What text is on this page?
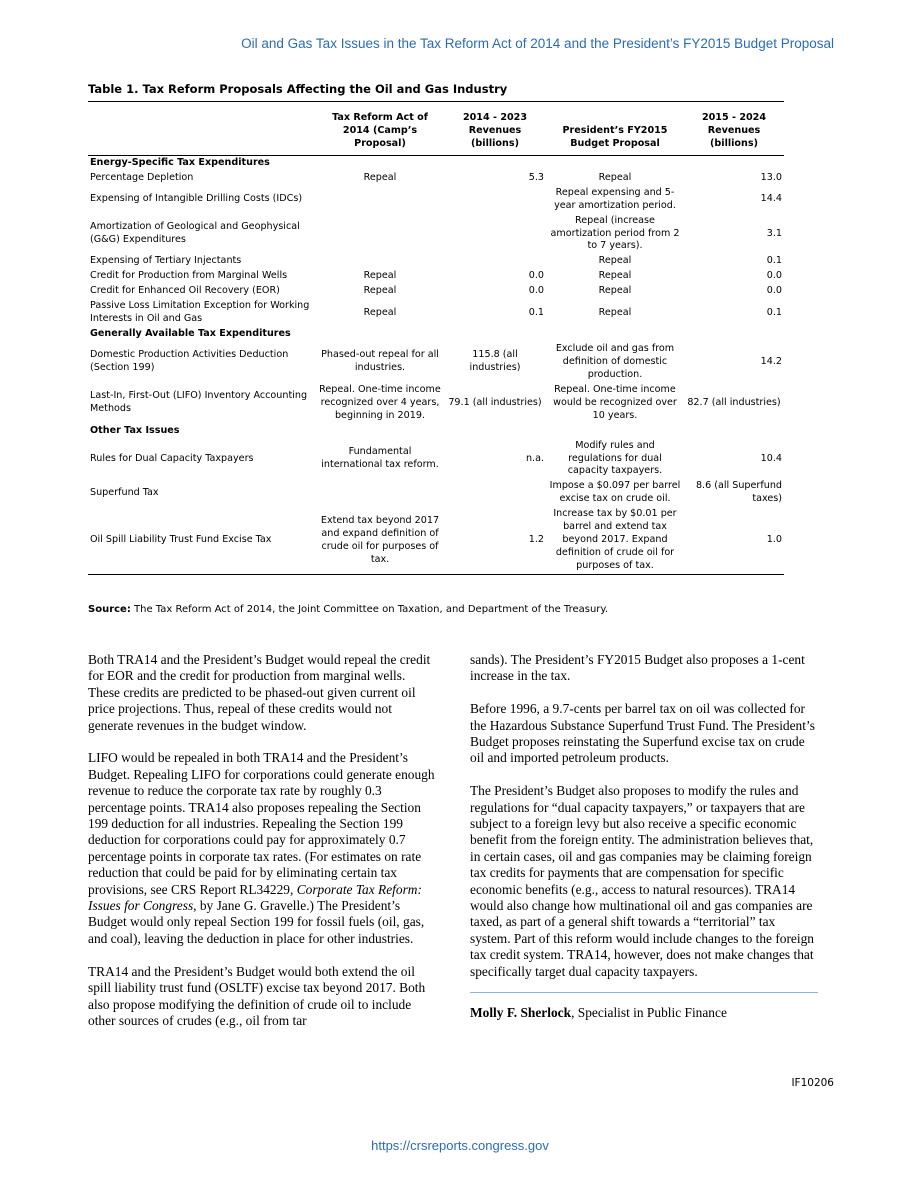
Oil and Gas Tax Issues in the Tax Reform Act of 2014 and the President’s FY2015 Budget Proposal
Table 1. Tax Reform Proposals Affecting the Oil and Gas Industry
	Tax Reform Act of 2014 (Camp’s Proposal)	2014 - 2023 Revenues (billions)	President’s FY2015 Budget Proposal	2015 - 2024 Revenues (billions)
Energy-Specific Tax Expenditures				
Percentage Depletion	Repeal	5.3	Repeal	13.0
Expensing of Intangible Drilling Costs (IDCs)			Repeal expensing and 5-year amortization period.	14.4
Amortization of Geological and Geophysical (G&G) Expenditures			Repeal (increase amortization period from 2 to 7 years).	3.1
Expensing of Tertiary Injectants			Repeal	0.1
Credit for Production from Marginal Wells	Repeal	0.0	Repeal	0.0
Credit for Enhanced Oil Recovery (EOR)	Repeal	0.0	Repeal	0.0
Passive Loss Limitation Exception for Working Interests in Oil and Gas	Repeal	0.1	Repeal	0.1
Generally Available Tax Expenditures				
Domestic Production Activities Deduction (Section 199)	Phased-out repeal for all industries.	115.8 (all industries)	Exclude oil and gas from definition of domestic production.	14.2
Last-In, First-Out (LIFO) Inventory Accounting Methods	Repeal. One-time income recognized over 4 years, beginning in 2019.	79.1 (all industries)	Repeal. One-time income would be recognized over 10 years.	82.7 (all industries)
Other Tax Issues				
Rules for Dual Capacity Taxpayers	Fundamental international tax reform.	n.a.	Modify rules and regulations for dual capacity taxpayers.	10.4
Superfund Tax			Impose a $0.097 per barrel excise tax on crude oil.	8.6 (all Superfund taxes)
Oil Spill Liability Trust Fund Excise Tax	Extend tax beyond 2017 and expand definition of crude oil for purposes of tax.	1.2	Increase tax by $0.01 per barrel and extend tax beyond 2017. Expand definition of crude oil for purposes of tax.	1.0
Source: The Tax Reform Act of 2014, the Joint Committee on Taxation, and Department of the Treasury.

Both TRA14 and the President’s Budget would repeal the credit for EOR and the credit for production from marginal wells. These credits are predicted to be phased-out given current oil price projections. Thus, repeal of these credits would not generate revenues in the budget window.

LIFO would be repealed in both TRA14 and the President’s Budget. Repealing LIFO for corporations could generate enough revenue to reduce the corporate tax rate by roughly 0.3 percentage points. TRA14 also proposes repealing the Section 199 deduction for all industries. Repealing the Section 199 deduction for corporations could pay for approximately 0.7 percentage points in corporate tax rates. (For estimates on rate reduction that could be paid for by eliminating certain tax provisions, see CRS Report RL34229, Corporate Tax Reform: Issues for Congress, by Jane G. Gravelle.) The President’s Budget would only repeal Section 199 for fossil fuels (oil, gas, and coal), leaving the deduction in place for other industries.

TRA14 and the President’s Budget would both extend the oil spill liability trust fund (OSLTF) excise tax beyond 2017. Both also propose modifying the definition of crude oil to include other sources of crudes (e.g., oil from tar

sands). The President’s FY2015 Budget also proposes a 1-cent increase in the tax.

Before 1996, a 9.7-cents per barrel tax on oil was collected for the Hazardous Substance Superfund Trust Fund. The President’s Budget proposes reinstating the Superfund excise tax on crude oil and imported petroleum products.

The President’s Budget also proposes to modify the rules and regulations for “dual capacity taxpayers,” or taxpayers that are subject to a foreign levy but also receive a specific economic benefit from the foreign entity. The administration believes that, in certain cases, oil and gas companies may be claiming foreign tax credits for payments that are compensation for specific economic benefits (e.g., access to natural resources). TRA14 would also change how multinational oil and gas companies are taxed, as part of a general shift towards a “territorial” tax system. Part of this reform would include changes to the foreign tax credit system. TRA14, however, does not make changes that specifically target dual capacity taxpayers.

Molly F. Sherlock, Specialist in Public Finance
IF10206
https://crsreports.congress.gov
